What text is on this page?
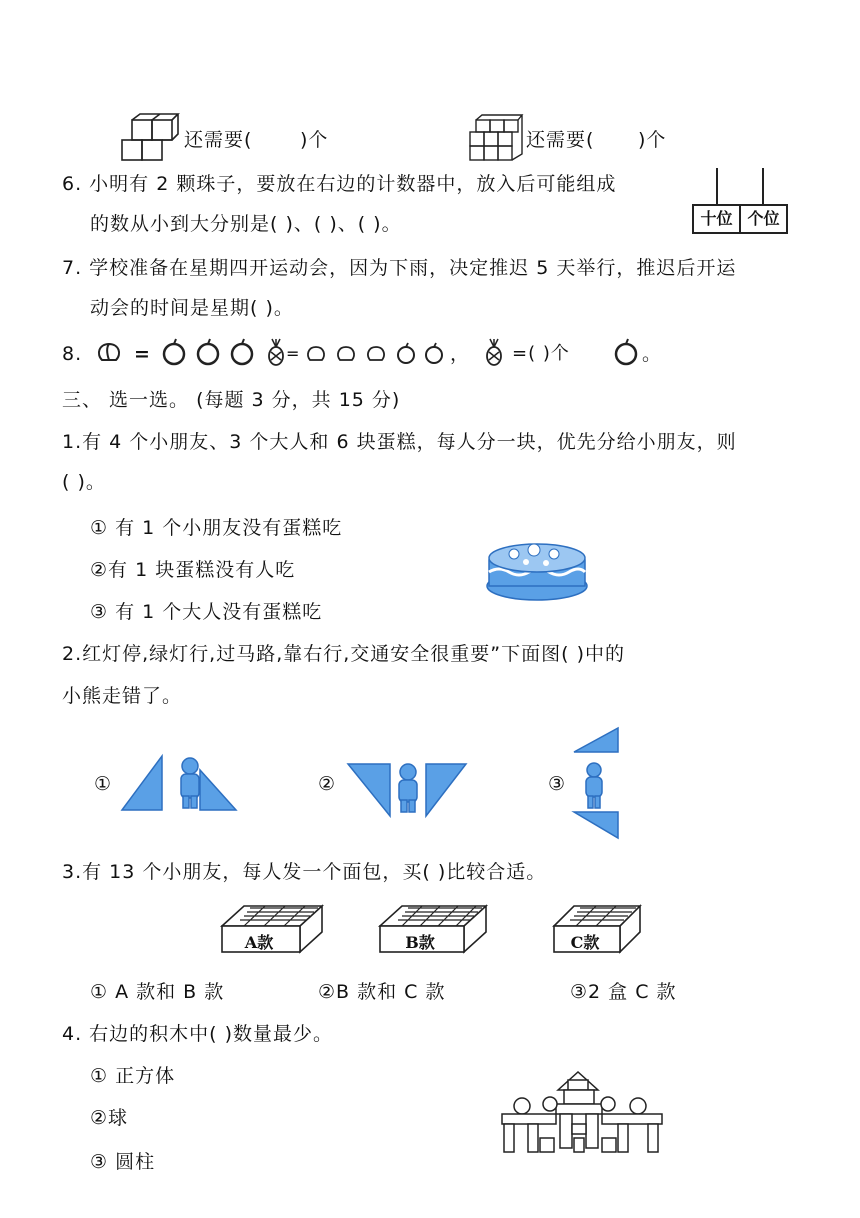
还需要(	)个	还需要( )个
6. 小明有 2 颗珠子，要放在右边的计数器中，放入后可能组成
的数从小到大分别是( )、( )、( )。	十位 个位
7. 学校准备在星期四开运动会，因为下雨，决定推迟 5 天举行，推迟后开运
动会的时间是星期( )。
8.	=	=	， =( )个	。
三、 选一选。 (每题 3 分，共 15 分)
1.有 4 个小朋友、3 个大人和 6 块蛋糕，每人分一块，优先分给小朋友，则
( )。
① 有 1 个小朋友没有蛋糕吃
②有 1 块蛋糕没有人吃
③ 有 1 个大人没有蛋糕吃
2.红灯停,绿灯行,过马路,靠右行,交通安全很重要”下面图( )中的
小熊走错了。
①	②	③
3.有 13 个小朋友，每人发一个面包，买( )比较合适。
A款	B款	C款
① A 款和 B 款	②B 款和 C 款	③2 盒 C 款
4. 右边的积木中( )数量最少。
① 正方体
②球
③ 圆柱
